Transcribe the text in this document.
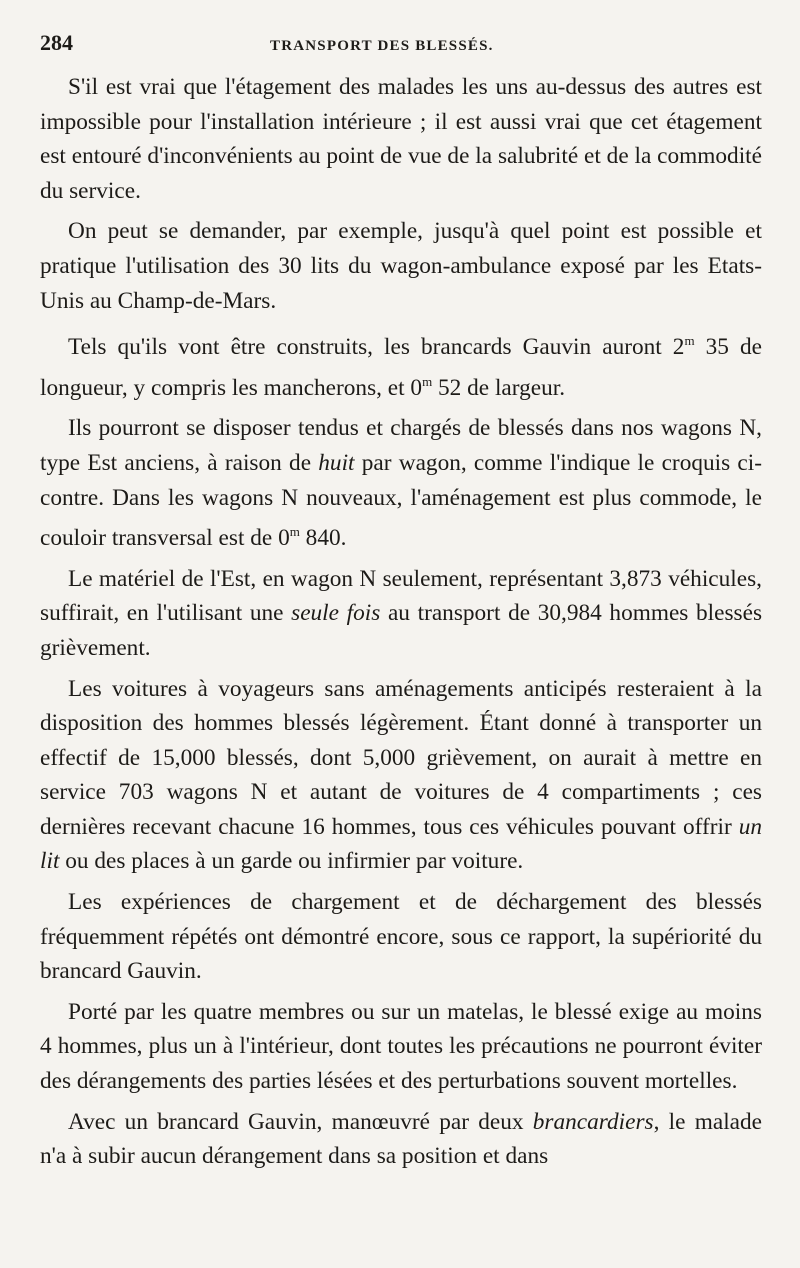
284	TRANSPORT DES BLESSÉS.

S'il est vrai que l'étagement des malades les uns au-dessus des autres est impossible pour l'installation intérieure ; il est aussi vrai que cet étagement est entouré d'inconvénients au point de vue de la salubrité et de la commodité du service.

On peut se demander, par exemple, jusqu'à quel point est possible et pratique l'utilisation des 30 lits du wagon-ambulance exposé par les Etats-Unis au Champ-de-Mars.

Tels qu'ils vont être construits, les brancards Gauvin auront 2$^m$ 35 de longueur, y compris les mancherons, et 0$^m$ 52 de largeur.

Ils pourront se disposer tendus et chargés de blessés dans nos wagons N, type Est anciens, à raison de huit par wagon, comme l'indique le croquis ci-contre. Dans les wagons N nouveaux, l'aménagement est plus commode, le couloir transversal est de 0$^m$ 840.

Le matériel de l'Est, en wagon N seulement, représentant 3,873 véhicules, suffirait, en l'utilisant une seule fois au transport de 30,984 hommes blessés grièvement.

Les voitures à voyageurs sans aménagements anticipés resteraient à la disposition des hommes blessés légèrement. Étant donné à transporter un effectif de 15,000 blessés, dont 5,000 grièvement, on aurait à mettre en service 703 wagons N et autant de voitures de 4 compartiments ; ces dernières recevant chacune 16 hommes, tous ces véhicules pouvant offrir un lit ou des places à un garde ou infirmier par voiture.

Les expériences de chargement et de déchargement des blessés fréquemment répétés ont démontré encore, sous ce rapport, la supériorité du brancard Gauvin.

Porté par les quatre membres ou sur un matelas, le blessé exige au moins 4 hommes, plus un à l'intérieur, dont toutes les précautions ne pourront éviter des dérangements des parties lésées et des perturbations souvent mortelles.

Avec un brancard Gauvin, manœuvré par deux brancardiers, le malade n'a à subir aucun dérangement dans sa position et dans
